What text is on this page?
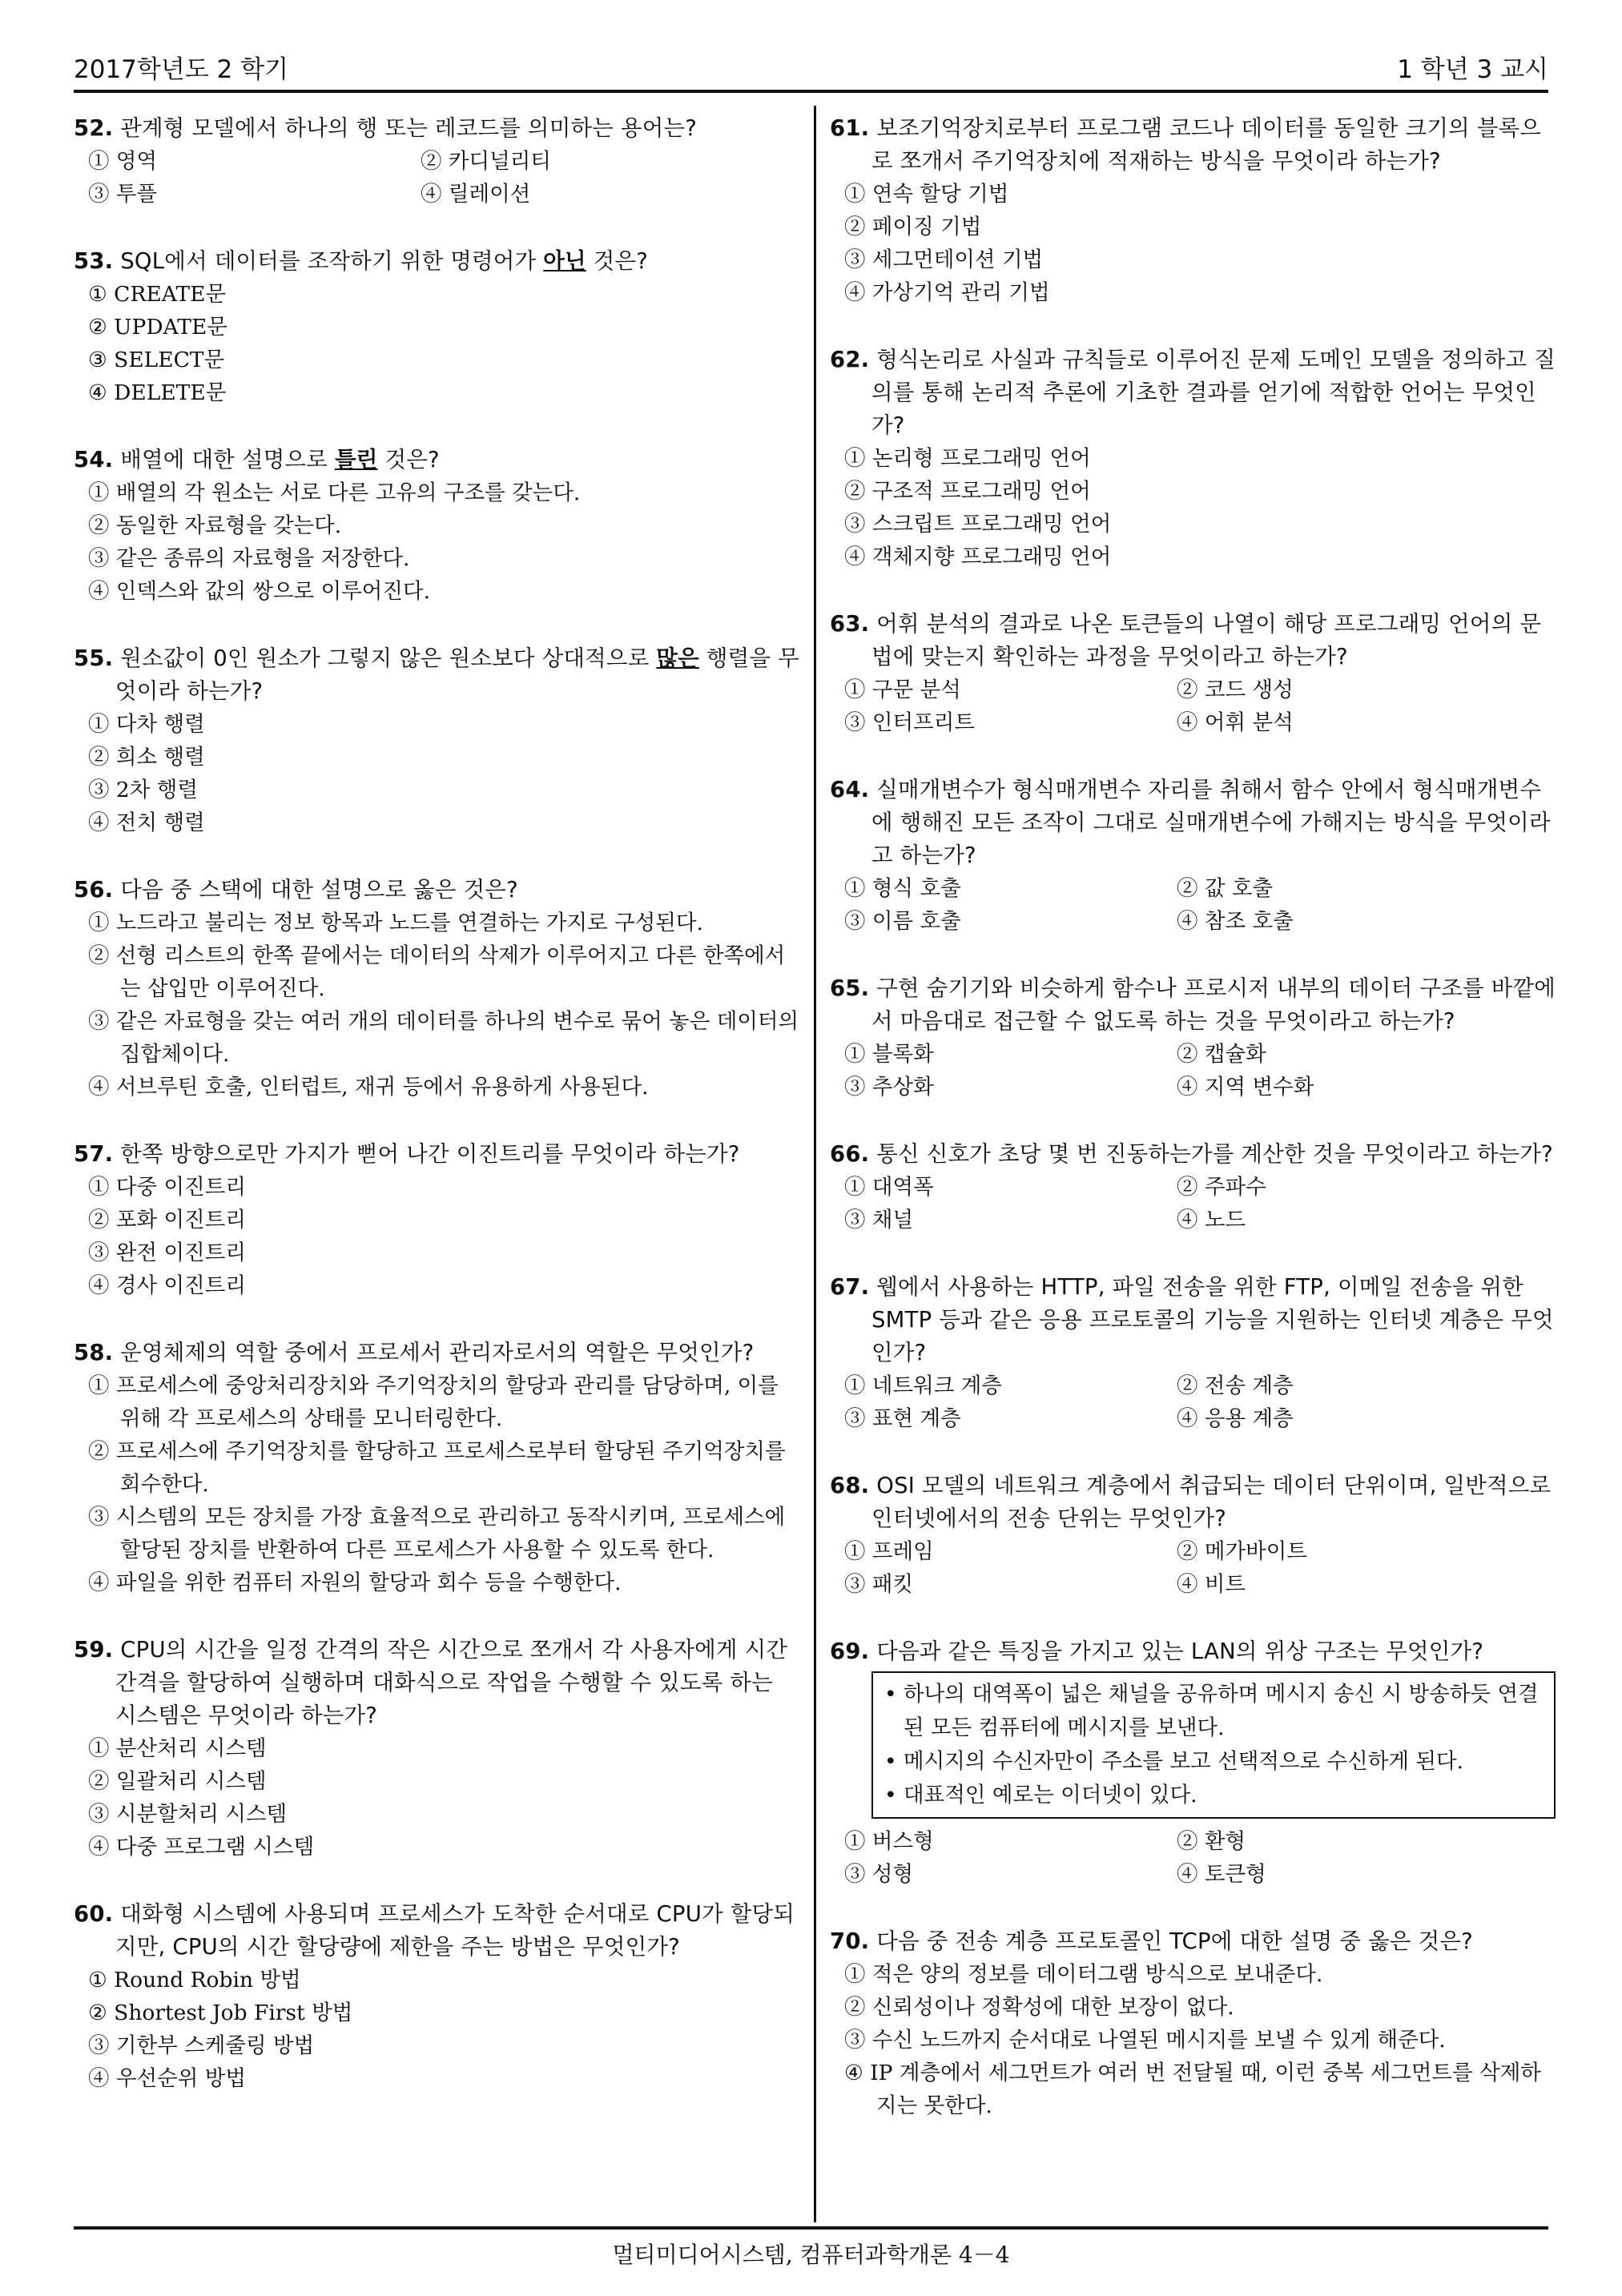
2017학년도 2 학기	1 학년 3 교시
52. 관계형 모델에서 하나의 행 또는 레코드를 의미하는 용어는?
① 영역	② 카디널리티
③ 투플	④ 릴레이션
53. SQL에서 데이터를 조작하기 위한 명령어가 아닌 것은?
① CREATE문
② UPDATE문
③ SELECT문
④ DELETE문
54. 배열에 대한 설명으로 틀린 것은?
① 배열의 각 원소는 서로 다른 고유의 구조를 갖는다.
② 동일한 자료형을 갖는다.
③ 같은 종류의 자료형을 저장한다.
④ 인덱스와 값의 쌍으로 이루어진다.
55. 원소값이 0인 원소가 그렇지 않은 원소보다 상대적으로 많은 행렬을 무엇이라 하는가?
① 다차 행렬
② 희소 행렬
③ 2차 행렬
④ 전치 행렬
56. 다음 중 스택에 대한 설명으로 옳은 것은?
① 노드라고 불리는 정보 항목과 노드를 연결하는 가지로 구성된다.
② 선형 리스트의 한쪽 끝에서는 데이터의 삭제가 이루어지고 다른 한쪽에서는 삽입만 이루어진다.
③ 같은 자료형을 갖는 여러 개의 데이터를 하나의 변수로 묶어 놓은 데이터의 집합체이다.
④ 서브루틴 호출, 인터럽트, 재귀 등에서 유용하게 사용된다.
57. 한쪽 방향으로만 가지가 뻗어 나간 이진트리를 무엇이라 하는가?
① 다중 이진트리
② 포화 이진트리
③ 완전 이진트리
④ 경사 이진트리
58. 운영체제의 역할 중에서 프로세서 관리자로서의 역할은 무엇인가?
① 프로세스에 중앙처리장치와 주기억장치의 할당과 관리를 담당하며, 이를 위해 각 프로세스의 상태를 모니터링한다.
② 프로세스에 주기억장치를 할당하고 프로세스로부터 할당된 주기억장치를 회수한다.
③ 시스템의 모든 장치를 가장 효율적으로 관리하고 동작시키며, 프로세스에 할당된 장치를 반환하여 다른 프로세스가 사용할 수 있도록 한다.
④ 파일을 위한 컴퓨터 자원의 할당과 회수 등을 수행한다.
59. CPU의 시간을 일정 간격의 작은 시간으로 쪼개서 각 사용자에게 시간간격을 할당하여 실행하며 대화식으로 작업을 수행할 수 있도록 하는 시스템은 무엇이라 하는가?
① 분산처리 시스템
② 일괄처리 시스템
③ 시분할처리 시스템
④ 다중 프로그램 시스템
60. 대화형 시스템에 사용되며 프로세스가 도착한 순서대로 CPU가 할당되지만, CPU의 시간 할당량에 제한을 주는 방법은 무엇인가?
① Round Robin 방법
② Shortest Job First 방법
③ 기한부 스케줄링 방법
④ 우선순위 방법
61. 보조기억장치로부터 프로그램 코드나 데이터를 동일한 크기의 블록으로 쪼개서 주기억장치에 적재하는 방식을 무엇이라 하는가?
① 연속 할당 기법
② 페이징 기법
③ 세그먼테이션 기법
④ 가상기억 관리 기법
62. 형식논리로 사실과 규칙들로 이루어진 문제 도메인 모델을 정의하고 질의를 통해 논리적 추론에 기초한 결과를 얻기에 적합한 언어는 무엇인가?
① 논리형 프로그래밍 언어
② 구조적 프로그래밍 언어
③ 스크립트 프로그래밍 언어
④ 객체지향 프로그래밍 언어
63. 어휘 분석의 결과로 나온 토큰들의 나열이 해당 프로그래밍 언어의 문법에 맞는지 확인하는 과정을 무엇이라고 하는가?
① 구문 분석	② 코드 생성
③ 인터프리트	④ 어휘 분석
64. 실매개변수가 형식매개변수 자리를 취해서 함수 안에서 형식매개변수에 행해진 모든 조작이 그대로 실매개변수에 가해지는 방식을 무엇이라고 하는가?
① 형식 호출	② 값 호출
③ 이름 호출	④ 참조 호출
65. 구현 숨기기와 비슷하게 함수나 프로시저 내부의 데이터 구조를 바깥에서 마음대로 접근할 수 없도록 하는 것을 무엇이라고 하는가?
① 블록화	② 캡슐화
③ 추상화	④ 지역 변수화
66. 통신 신호가 초당 몇 번 진동하는가를 계산한 것을 무엇이라고 하는가?
① 대역폭	② 주파수
③ 채널	④ 노드
67. 웹에서 사용하는 HTTP, 파일 전송을 위한 FTP, 이메일 전송을 위한 SMTP 등과 같은 응용 프로토콜의 기능을 지원하는 인터넷 계층은 무엇인가?
① 네트워크 계층	② 전송 계층
③ 표현 계층	④ 응용 계층
68. OSI 모델의 네트워크 계층에서 취급되는 데이터 단위이며, 일반적으로 인터넷에서의 전송 단위는 무엇인가?
① 프레임	② 메가바이트
③ 패킷	④ 비트
69. 다음과 같은 특징을 가지고 있는 LAN의 위상 구조는 무엇인가?
• 하나의 대역폭이 넓은 채널을 공유하며 메시지 송신 시 방송하듯 연결된 모든 컴퓨터에 메시지를 보낸다.
• 메시지의 수신자만이 주소를 보고 선택적으로 수신하게 된다.
• 대표적인 예로는 이더넷이 있다.
① 버스형	② 환형
③ 성형	④ 토큰형
70. 다음 중 전송 계층 프로토콜인 TCP에 대한 설명 중 옳은 것은?
① 적은 양의 정보를 데이터그램 방식으로 보내준다.
② 신뢰성이나 정확성에 대한 보장이 없다.
③ 수신 노드까지 순서대로 나열된 메시지를 보낼 수 있게 해준다.
④ IP 계층에서 세그먼트가 여러 번 전달될 때, 이런 중복 세그먼트를 삭제하지는 못한다.
멀티미디어시스템, 컴퓨터과학개론 4－4
